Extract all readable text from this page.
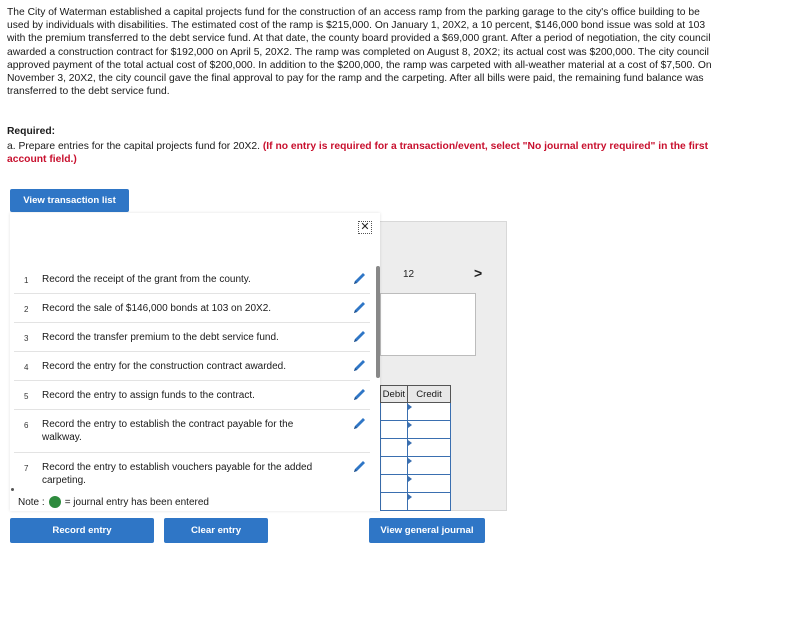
The City of Waterman established a capital projects fund for the construction of an access ramp from the parking garage to the city's office building to be used by individuals with disabilities. The estimated cost of the ramp is $215,000. On January 1, 20X2, a 10 percent, $146,000 bond issue was sold at 103 with the premium transferred to the debt service fund. At that date, the county board provided a $69,000 grant. After a period of negotiation, the city council awarded a construction contract for $192,000 on April 5, 20X2. The ramp was completed on August 8, 20X2; its actual cost was $200,000. The city council approved payment of the total actual cost of $200,000. In addition to the $200,000, the ramp was carpeted with all-weather material at a cost of $7,500. On November 3, 20X2, the city council gave the final approval to pay for the ramp and the carpeting. After all bills were paid, the remaining fund balance was transferred to the debt service fund.

Required:

a. Prepare entries for the capital projects fund for 20X2. (If no entry is required for a transaction/event, select "No journal entry required" in the first account field.)

View transaction list
12	>
Debit	Credit
✕
1	Record the receipt of the grant from the county.
2	Record the sale of $146,000 bonds at 103 on 20X2.
3	Record the transfer premium to the debt service fund.
4	Record the entry for the construction contract awarded.
5	Record the entry to assign funds to the contract.
6	Record the entry to establish the contract payable for the walkway.
7	Record the entry to establish vouchers payable for the added carpeting.
Note : = journal entry has been entered
Record entry	Clear entry	View general journal
